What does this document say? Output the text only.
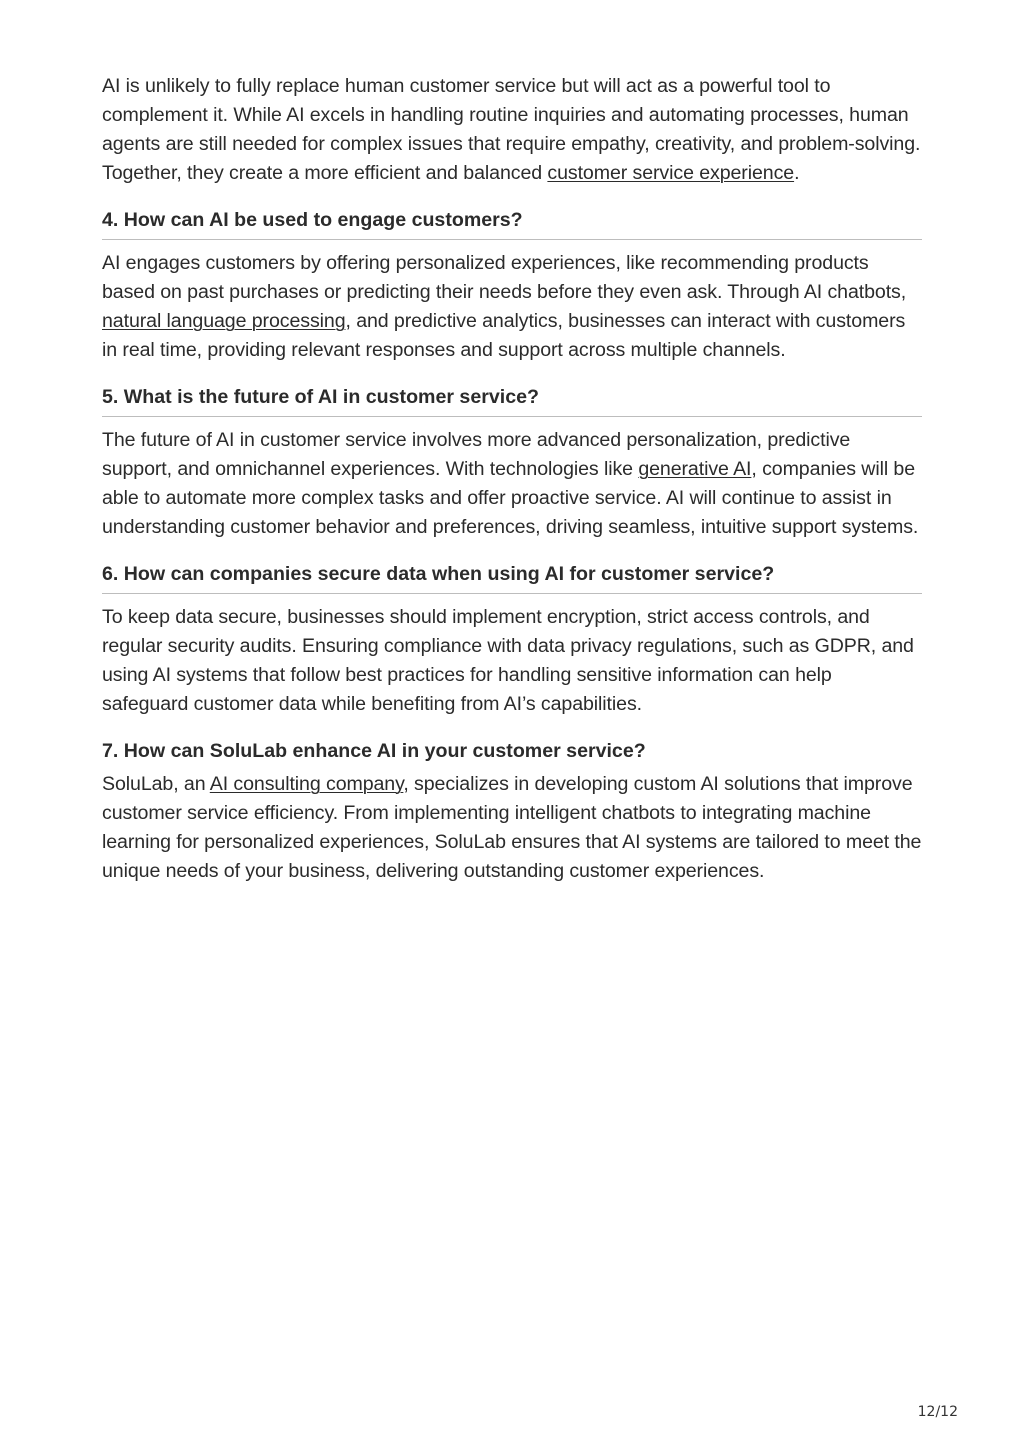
AI is unlikely to fully replace human customer service but will act as a powerful tool to complement it. While AI excels in handling routine inquiries and automating processes, human agents are still needed for complex issues that require empathy, creativity, and problem-solving. Together, they create a more efficient and balanced customer service experience.

4. How can AI be used to engage customers?

AI engages customers by offering personalized experiences, like recommending products based on past purchases or predicting their needs before they even ask. Through AI chatbots, natural language processing, and predictive analytics, businesses can interact with customers in real time, providing relevant responses and support across multiple channels.

5. What is the future of AI in customer service?

The future of AI in customer service involves more advanced personalization, predictive support, and omnichannel experiences. With technologies like generative AI, companies will be able to automate more complex tasks and offer proactive service. AI will continue to assist in understanding customer behavior and preferences, driving seamless, intuitive support systems.

6. How can companies secure data when using AI for customer service?

To keep data secure, businesses should implement encryption, strict access controls, and regular security audits. Ensuring compliance with data privacy regulations, such as GDPR, and using AI systems that follow best practices for handling sensitive information can help safeguard customer data while benefiting from AI’s capabilities.

7. How can SoluLab enhance AI in your customer service?

SoluLab, an AI consulting company, specializes in developing custom AI solutions that improve customer service efficiency. From implementing intelligent chatbots to integrating machine learning for personalized experiences, SoluLab ensures that AI systems are tailored to meet the unique needs of your business, delivering outstanding customer experiences.

12/12
